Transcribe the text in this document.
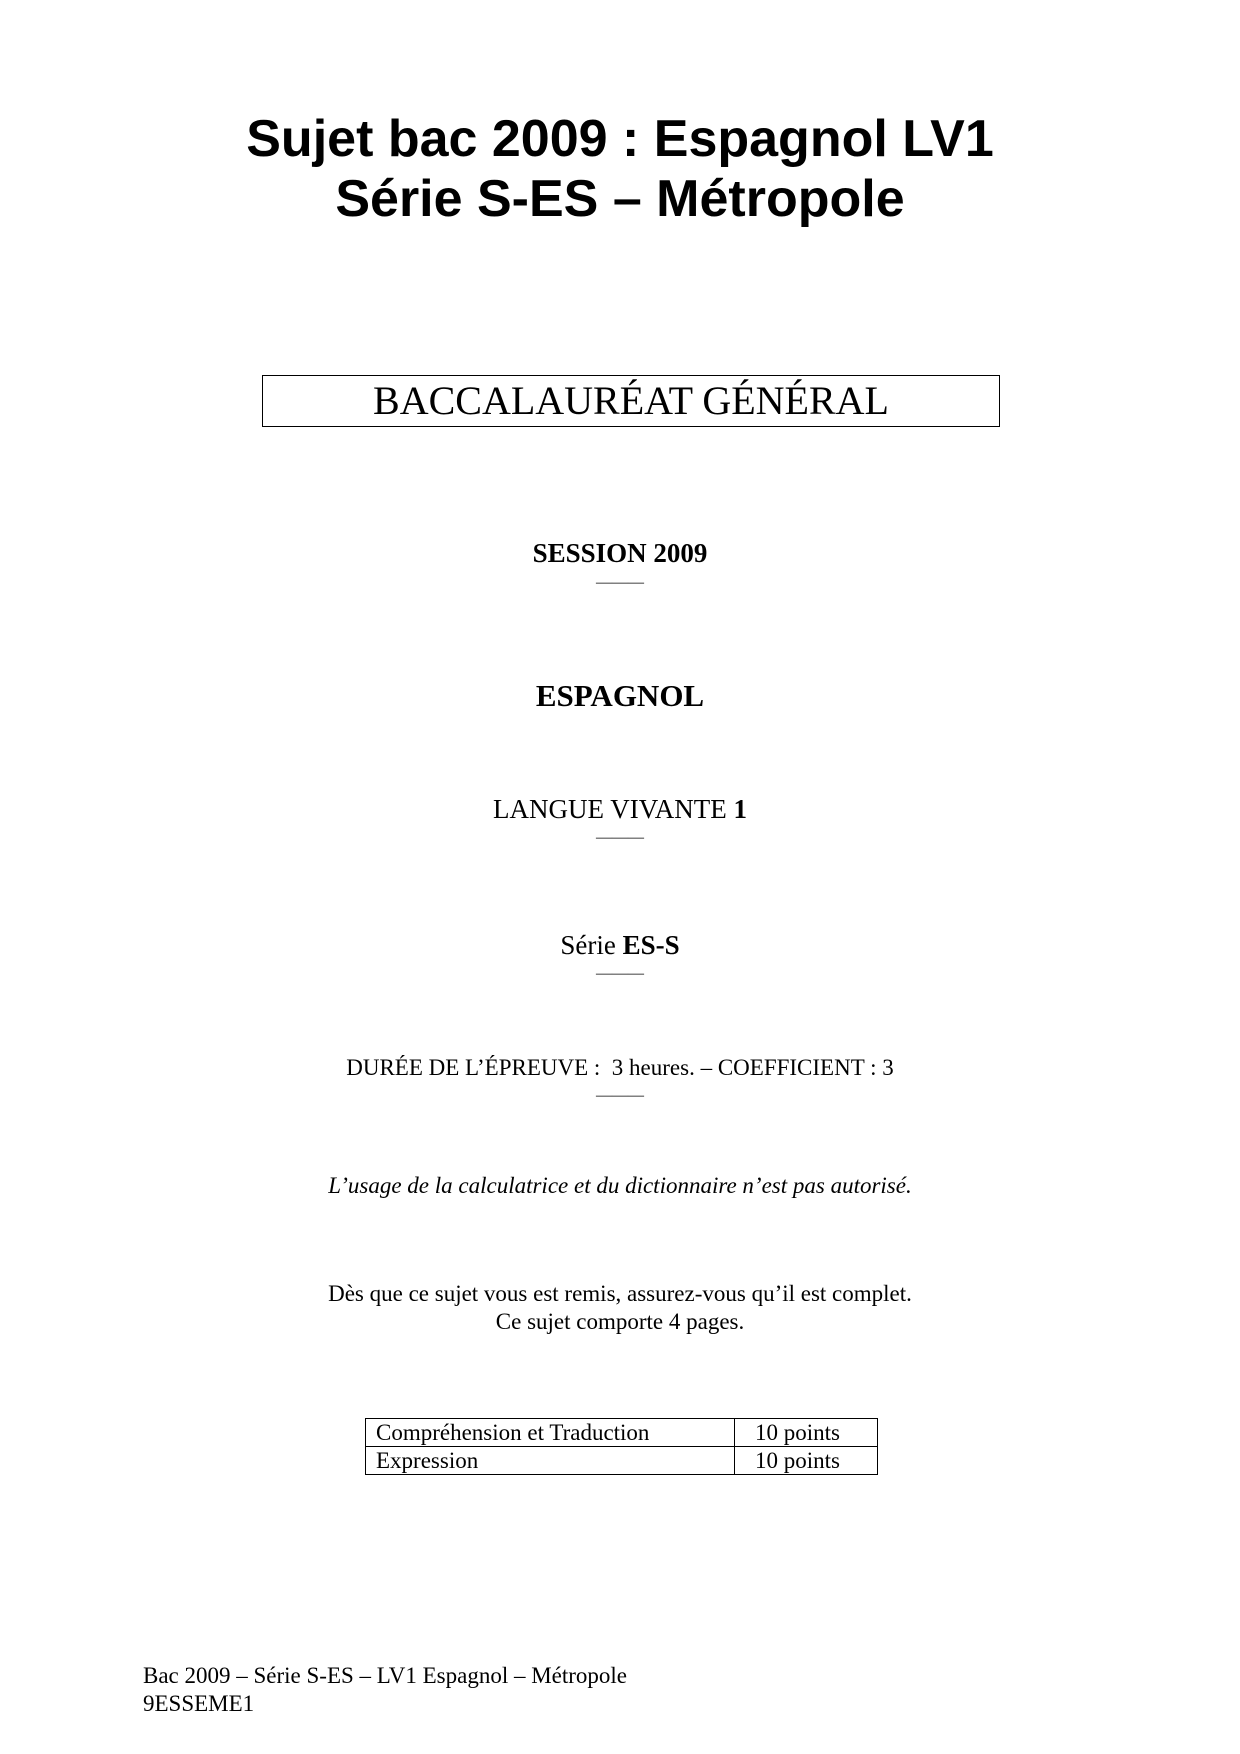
Sujet bac 2009 : Espagnol LV1
Série S-ES – Métropole
BACCALAURÉAT GÉNÉRAL
SESSION 2009
———
ESPAGNOL
LANGUE VIVANTE 1
———
Série ES-S
———
DURÉE DE L’ÉPREUVE :  3 heures. – COEFFICIENT : 3
———
L’usage de la calculatrice et du dictionnaire n’est pas autorisé.
Dès que ce sujet vous est remis, assurez-vous qu’il est complet.
Ce sujet comporte 4 pages.
Compréhension et Traduction	10 points
Expression	10 points
Bac 2009 – Série S-ES – LV1 Espagnol – Métropole
9ESSEME1
